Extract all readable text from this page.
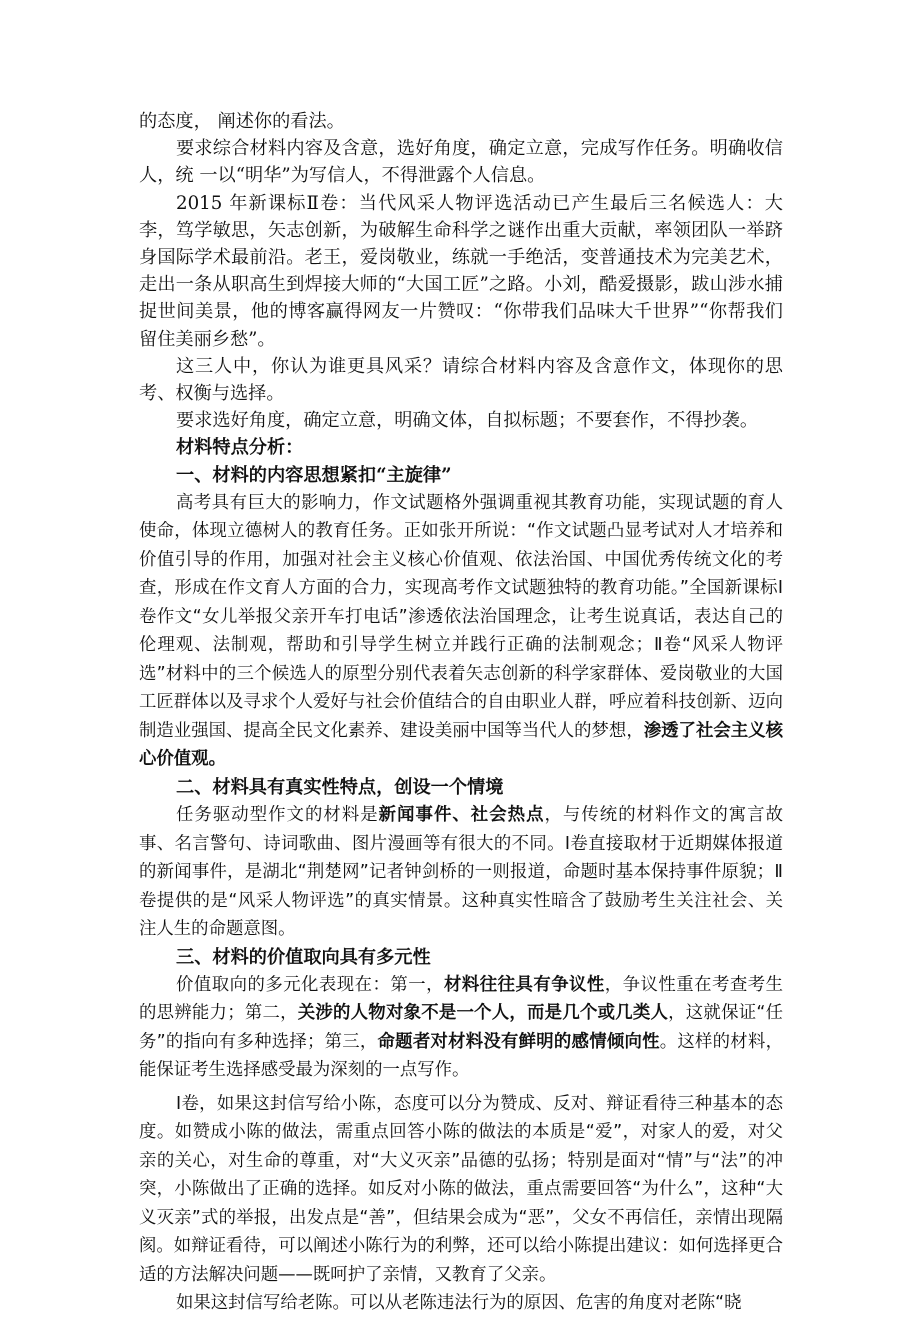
的态度， 阐述你的看法。

要求综合材料内容及含意，选好角度，确定立意，完成写作任务。明确收信人，统 一以“明华”为写信人，不得泄露个人信息。

2015 年新课标Ⅱ卷：当代风采人物评选活动已产生最后三名候选人：大李，笃学敏思，矢志创新，为破解生命科学之谜作出重大贡献，率领团队一举跻身国际学术最前沿。老王，爱岗敬业，练就一手绝活，变普通技术为完美艺术，走出一条从职高生到焊接大师的“大国工匠”之路。小刘，酷爱摄影，跋山涉水捕捉世间美景，他的博客赢得网友一片赞叹：“你带我们品味大千世界”“你帮我们留住美丽乡愁”。

这三人中，你认为谁更具风采？请综合材料内容及含意作文，体现你的思考、权衡与选择。

要求选好角度，确定立意，明确文体，自拟标题；不要套作，不得抄袭。

材料特点分析：

一、材料的内容思想紧扣“主旋律”

高考具有巨大的影响力，作文试题格外强调重视其教育功能，实现试题的育人使命，体现立德树人的教育任务。正如张开所说：“作文试题凸显考试对人才培养和价值引导的作用，加强对社会主义核心价值观、依法治国、中国优秀传统文化的考查，形成在作文育人方面的合力，实现高考作文试题独特的教育功能。”全国新课标Ⅰ卷作文“女儿举报父亲开车打电话”渗透依法治国理念，让考生说真话，表达自己的伦理观、法制观，帮助和引导学生树立并践行正确的法制观念；Ⅱ卷“风采人物评选”材料中的三个候选人的原型分别代表着矢志创新的科学家群体、爱岗敬业的大国工匠群体以及寻求个人爱好与社会价值结合的自由职业人群，呼应着科技创新、迈向制造业强国、提高全民文化素养、建设美丽中国等当代人的梦想，渗透了社会主义核心价值观。

二、材料具有真实性特点，创设一个情境

任务驱动型作文的材料是新闻事件、社会热点，与传统的材料作文的寓言故事、名言警句、诗词歌曲、图片漫画等有很大的不同。Ⅰ卷直接取材于近期媒体报道的新闻事件，是湖北“荆楚网”记者钟剑桥的一则报道，命题时基本保持事件原貌；Ⅱ卷提供的是“风采人物评选”的真实情景。这种真实性暗含了鼓励考生关注社会、关注人生的命题意图。

三、材料的价值取向具有多元性

价值取向的多元化表现在：第一，材料往往具有争议性，争议性重在考查考生的思辨能力；第二，关涉的人物对象不是一个人，而是几个或几类人，这就保证“任务”的指向有多种选择；第三，命题者对材料没有鲜明的感情倾向性。这样的材料，能保证考生选择感受最为深刻的一点写作。

Ⅰ卷，如果这封信写给小陈，态度可以分为赞成、反对、辩证看待三种基本的态度。如赞成小陈的做法，需重点回答小陈的做法的本质是“爱”，对家人的爱，对父亲的关心，对生命的尊重，对“大义灭亲”品德的弘扬；特别是面对“情”与“法”的冲突，小陈做出了正确的选择。如反对小陈的做法，重点需要回答“为什么”，这种“大义灭亲”式的举报，出发点是“善”，但结果会成为“恶”，父女不再信任，亲情出现隔阂。如辩证看待，可以阐述小陈行为的利弊，还可以给小陈提出建议：如何选择更合适的方法解决问题——既呵护了亲情，又教育了父亲。

如果这封信写给老陈。可以从老陈违法行为的原因、危害的角度对老陈“晓
